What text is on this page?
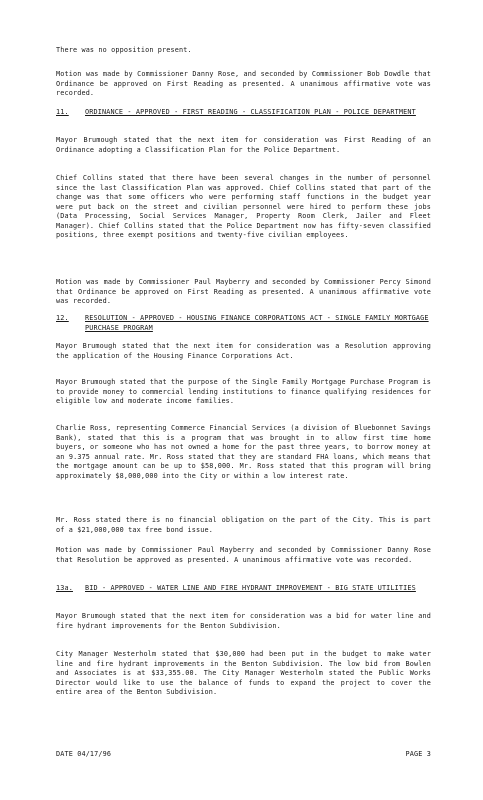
There was no opposition present.

Motion was made by Commissioner Danny Rose, and seconded by Commissioner Bob Dowdle that Ordinance be approved on First Reading as presented. A unanimous affirmative vote was recorded.

11. ORDINANCE - APPROVED - FIRST READING - CLASSIFICATION PLAN - POLICE DEPARTMENT

Mayor Brumough stated that the next item for consideration was First Reading of an Ordinance adopting a Classification Plan for the Police Department.

Chief Collins stated that there have been several changes in the number of personnel since the last Classification Plan was approved. Chief Collins stated that part of the change was that some officers who were performing staff functions in the budget year were put back on the street and civilian personnel were hired to perform these jobs (Data Processing, Social Services Manager, Property Room Clerk, Jailer and Fleet Manager). Chief Collins stated that the Police Department now has fifty-seven classified positions, three exempt positions and twenty-five civilian employees.

Motion was made by Commissioner Paul Mayberry and seconded by Commissioner Percy Simond that Ordinance be approved on First Reading as presented. A unanimous affirmative vote was recorded.

12. RESOLUTION - APPROVED - HOUSING FINANCE CORPORATIONS ACT - SINGLE FAMILY MORTGAGE PURCHASE PROGRAM

Mayor Brumough stated that the next item for consideration was a Resolution approving the application of the Housing Finance Corporations Act.

Mayor Brumough stated that the purpose of the Single Family Mortgage Purchase Program is to provide money to commercial lending institutions to finance qualifying residences for eligible low and moderate income families.

Charlie Ross, representing Commerce Financial Services (a division of Bluebonnet Savings Bank), stated that this is a program that was brought in to allow first time home buyers, or someone who has not owned a home for the past three years, to borrow money at an 9.375 annual rate. Mr. Ross stated that they are standard FHA loans, which means that the mortgage amount can be up to $58,000. Mr. Ross stated that this program will bring approximately $8,000,000 into the City or within a low interest rate.

Mr. Ross stated there is no financial obligation on the part of the City. This is part of a $21,000,000 tax free bond issue.

Motion was made by Commissioner Paul Mayberry and seconded by Commissioner Danny Rose that Resolution be approved as presented. A unanimous affirmative vote was recorded.

13a. BID - APPROVED - WATER LINE AND FIRE HYDRANT IMPROVEMENT - BIG STATE UTILITIES

Mayor Brumough stated that the next item for consideration was a bid for water line and fire hydrant improvements for the Benton Subdivision.

City Manager Westerholm stated that $30,000 had been put in the budget to make water line and fire hydrant improvements in the Benton Subdivision. The low bid from Bowlen and Associates is at $33,355.00. The City Manager Westerholm stated the Public Works Director would like to use the balance of funds to expand the project to cover the entire area of the Benton Subdivision.

DATE 04/17/96	PAGE 3
